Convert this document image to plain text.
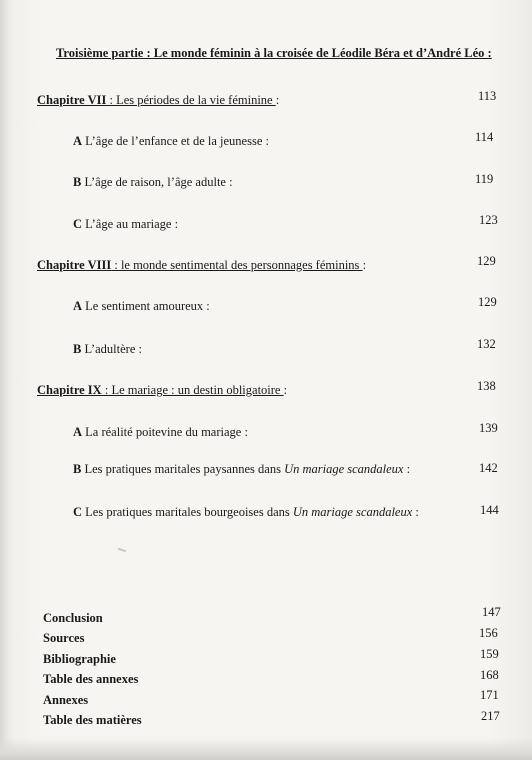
Troisième partie : Le monde féminin à la croisée de Léodile Béra et d’André Léo :
Chapitre VII : Les périodes de la vie féminine :	113
A L’âge de l’enfance et de la jeunesse :	114
B L’âge de raison, l’âge adulte :	119
C L’âge au mariage :	123
Chapitre VIII : le monde sentimental des personnages féminins :	129
A Le sentiment amoureux :	129
B L’adultère :	132
Chapitre IX : Le mariage : un destin obligatoire :	138
A La réalité poitevine du mariage :	139
B Les pratiques maritales paysannes dans Un mariage scandaleux :	142
C Les pratiques maritales bourgeoises dans Un mariage scandaleux :	144
Conclusion	147
Sources	156
Bibliographie	159
Table des annexes	168
Annexes	171
Table des matières	217
